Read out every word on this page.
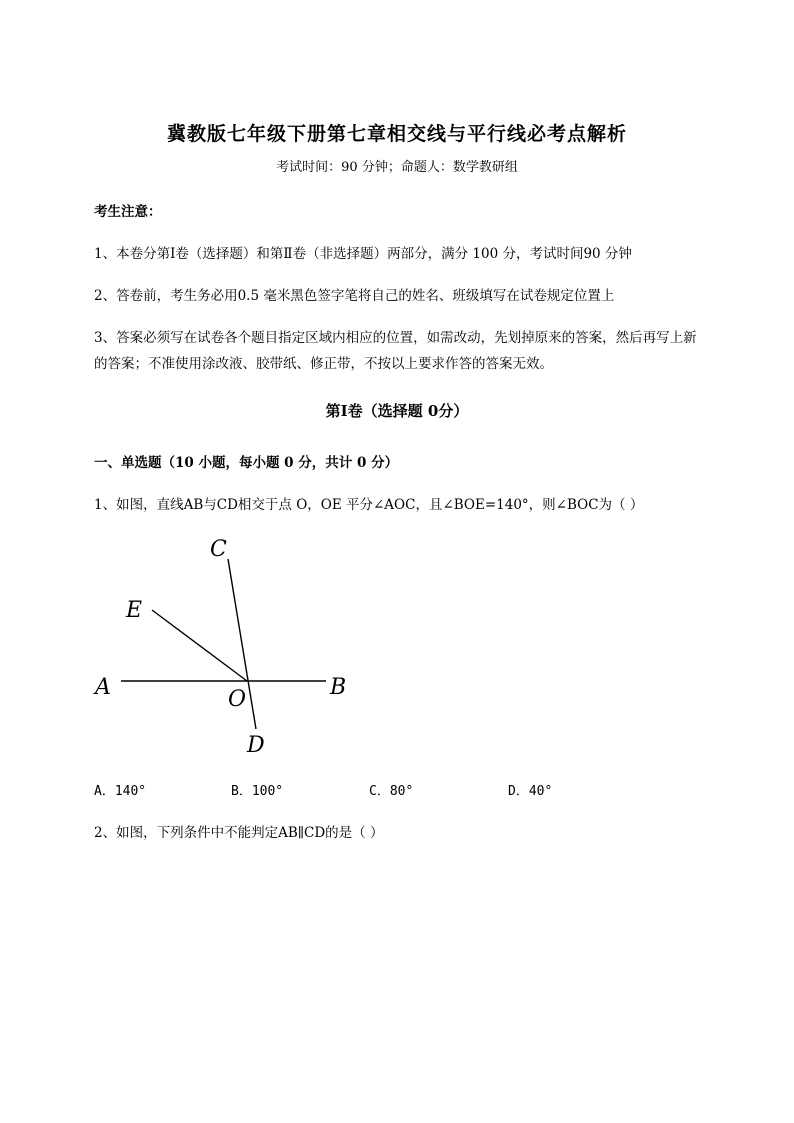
冀教版七年级下册第七章相交线与平行线必考点解析
考试时间：90 分钟；命题人：数学教研组
考生注意：
1、本卷分第Ⅰ卷（选择题）和第Ⅱ卷（非选择题）两部分，满分 100 分，考试时间90 分钟
2、答卷前，考生务必用0.5 毫米黑色签字笔将自己的姓名、班级填写在试卷规定位置上
3、答案必须写在试卷各个题目指定区域内相应的位置，如需改动，先划掉原来的答案，然后再写上新
的答案；不准使用涂改液、胶带纸、修正带，不按以上要求作答的答案无效。
第Ⅰ卷（选择题 0分）
一、单选题（10 小题，每小题 0 分，共计 0 分）
1、如图，直线AB与CD相交于点 O，OE 平分∠AOC，且∠BOE=140°，则∠BOC为（ ）
C
E
A	O	B
D
A．140°	B．100°	C．80°	D．40°
2、如图，下列条件中不能判定AB∥CD的是（ ）
